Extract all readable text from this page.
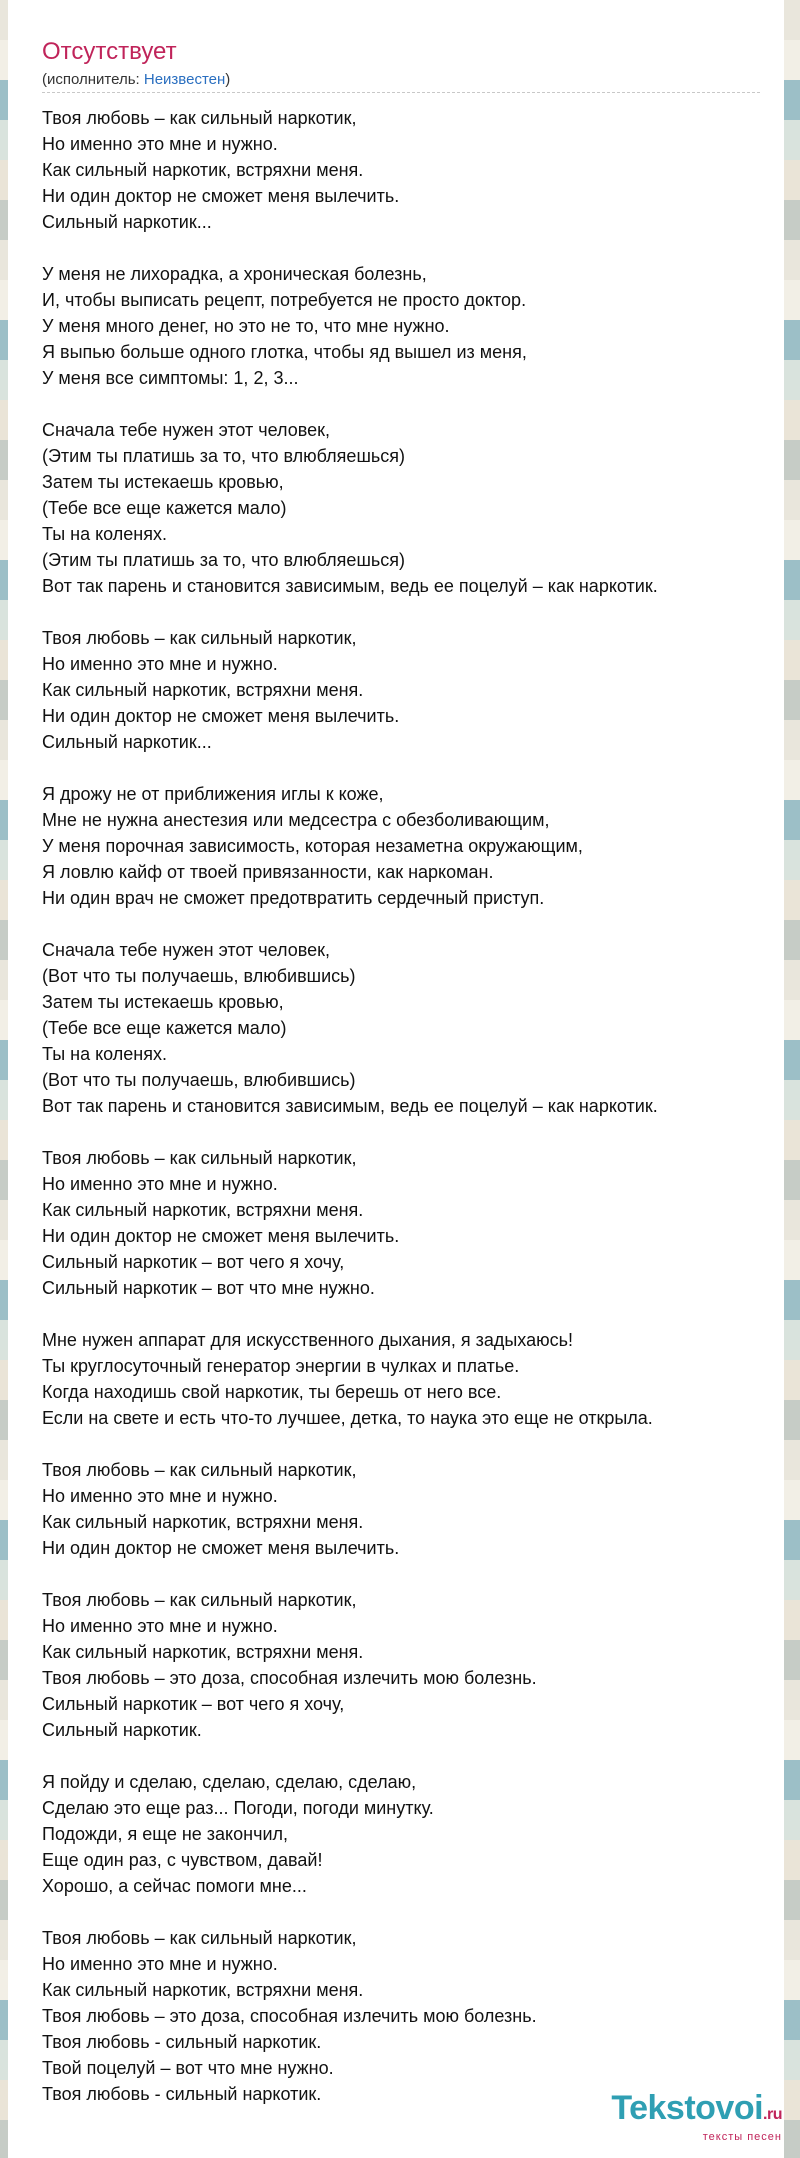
Отсутствует
(исполнитель: Неизвестен)
Твоя любовь – как сильный наркотик,
Но именно это мне и нужно.
Как сильный наркотик, встряхни меня.
Ни один доктор не сможет меня вылечить.
Сильный наркотик...
У меня не лихорадка, а хроническая болезнь,
И, чтобы выписать рецепт, потребуется не просто доктор.
У меня много денег, но это не то, что мне нужно.
Я выпью больше одного глотка, чтобы яд вышел из меня,
У меня все симптомы: 1, 2, 3...
Сначала тебе нужен этот человек,
(Этим ты платишь за то, что влюбляешься)
Затем ты истекаешь кровью,
(Тебе все еще кажется мало)
Ты на коленях.
(Этим ты платишь за то, что влюбляешься)
Вот так парень и становится зависимым, ведь ее поцелуй – как наркотик.
Твоя любовь – как сильный наркотик,
Но именно это мне и нужно.
Как сильный наркотик, встряхни меня.
Ни один доктор не сможет меня вылечить.
Сильный наркотик...
Я дрожу не от приближения иглы к коже,
Мне не нужна анестезия или медсестра с обезболивающим,
У меня порочная зависимость, которая незаметна окружающим,
Я ловлю кайф от твоей привязанности, как наркоман.
Ни один врач не сможет предотвратить сердечный приступ.
Сначала тебе нужен этот человек,
(Вот что ты получаешь, влюбившись)
Затем ты истекаешь кровью,
(Тебе все еще кажется мало)
Ты на коленях.
(Вот что ты получаешь, влюбившись)
Вот так парень и становится зависимым, ведь ее поцелуй – как наркотик.
Твоя любовь – как сильный наркотик,
Но именно это мне и нужно.
Как сильный наркотик, встряхни меня.
Ни один доктор не сможет меня вылечить.
Сильный наркотик – вот чего я хочу,
Сильный наркотик – вот что мне нужно.
Мне нужен аппарат для искусственного дыхания, я задыхаюсь!
Ты круглосуточный генератор энергии в чулках и платье.
Когда находишь свой наркотик, ты берешь от него все.
Если на свете и есть что-то лучшее, детка, то наука это еще не открыла.
Твоя любовь – как сильный наркотик,
Но именно это мне и нужно.
Как сильный наркотик, встряхни меня.
Ни один доктор не сможет меня вылечить.
Твоя любовь – как сильный наркотик,
Но именно это мне и нужно.
Как сильный наркотик, встряхни меня.
Твоя любовь – это доза, способная излечить мою болезнь.
Сильный наркотик – вот чего я хочу,
Сильный наркотик.
Я пойду и сделаю, сделаю, сделаю, сделаю,
Сделаю это еще раз... Погоди, погоди минутку.
Подожди, я еще не закончил,
Еще один раз, с чувством, давай!
Хорошо, а сейчас помоги мне...
Твоя любовь – как сильный наркотик,
Но именно это мне и нужно.
Как сильный наркотик, встряхни меня.
Твоя любовь – это доза, способная излечить мою болезнь.
Твоя любовь - сильный наркотик.
Твой поцелуй – вот что мне нужно.
Твоя любовь - сильный наркотик.	Tekstovoi.ru
тексты песен
